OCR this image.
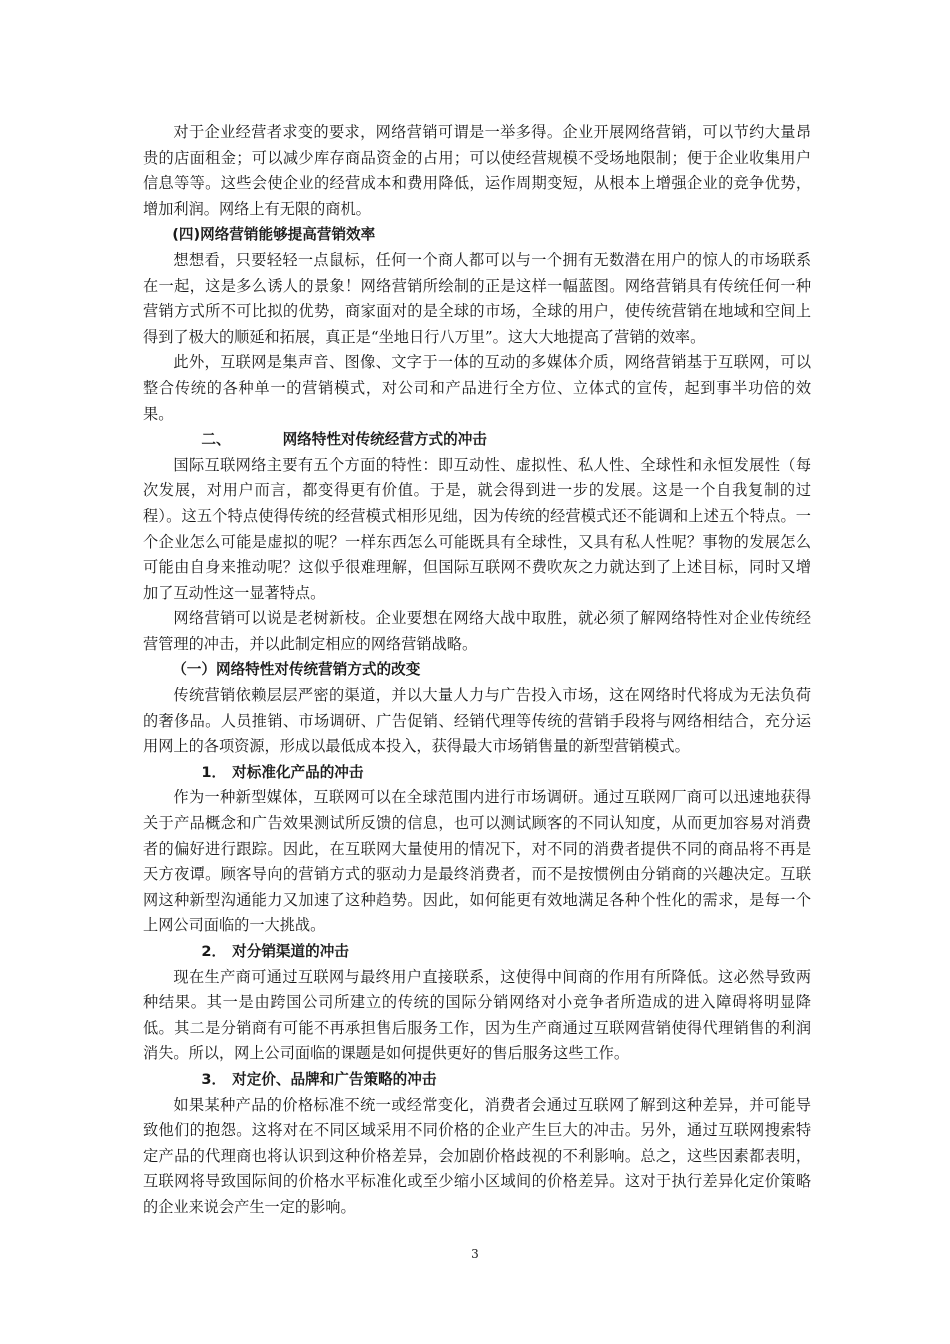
对于企业经营者求变的要求，网络营销可谓是一举多得。企业开展网络营销，可以节约大量昂贵的店面租金；可以减少库存商品资金的占用；可以使经营规模不受场地限制；便于企业收集用户信息等等。这些会使企业的经营成本和费用降低，运作周期变短，从根本上增强企业的竞争优势，增加利润。网络上有无限的商机。

(四)网络营销能够提高营销效率

想想看，只要轻轻一点鼠标，任何一个商人都可以与一个拥有无数潜在用户的惊人的市场联系在一起，这是多么诱人的景象！网络营销所绘制的正是这样一幅蓝图。网络营销具有传统任何一种营销方式所不可比拟的优势，商家面对的是全球的市场，全球的用户，使传统营销在地域和空间上得到了极大的顺延和拓展，真正是“坐地日行八万里”。这大大地提高了营销的效率。

此外，互联网是集声音、图像、文字于一体的互动的多媒体介质，网络营销基于互联网，可以整合传统的各种单一的营销模式，对公司和产品进行全方位、立体式的宣传，起到事半功倍的效果。

二、	网络特性对传统经营方式的冲击

国际互联网络主要有五个方面的特性：即互动性、虚拟性、私人性、全球性和永恒发展性（每次发展，对用户而言，都变得更有价值。于是，就会得到进一步的发展。这是一个自我复制的过程）。这五个特点使得传统的经营模式相形见绌，因为传统的经营模式还不能调和上述五个特点。一个企业怎么可能是虚拟的呢？一样东西怎么可能既具有全球性，又具有私人性呢？事物的发展怎么可能由自身来推动呢？这似乎很难理解，但国际互联网不费吹灰之力就达到了上述目标，同时又增加了互动性这一显著特点。

网络营销可以说是老树新枝。企业要想在网络大战中取胜，就必须了解网络特性对企业传统经营管理的冲击，并以此制定相应的网络营销战略。

（一）网络特性对传统营销方式的改变

传统营销依赖层层严密的渠道，并以大量人力与广告投入市场，这在网络时代将成为无法负荷的奢侈品。人员推销、市场调研、广告促销、经销代理等传统的营销手段将与网络相结合，充分运用网上的各项资源，形成以最低成本投入，获得最大市场销售量的新型营销模式。

1． 对标准化产品的冲击

作为一种新型媒体，互联网可以在全球范围内进行市场调研。通过互联网厂商可以迅速地获得关于产品概念和广告效果测试所反馈的信息，也可以测试顾客的不同认知度，从而更加容易对消费者的偏好进行跟踪。因此，在互联网大量使用的情况下，对不同的消费者提供不同的商品将不再是天方夜谭。顾客导向的营销方式的驱动力是最终消费者，而不是按惯例由分销商的兴趣决定。互联网这种新型沟通能力又加速了这种趋势。因此，如何能更有效地满足各种个性化的需求，是每一个上网公司面临的一大挑战。

2． 对分销渠道的冲击

现在生产商可通过互联网与最终用户直接联系，这使得中间商的作用有所降低。这必然导致两种结果。其一是由跨国公司所建立的传统的国际分销网络对小竞争者所造成的进入障碍将明显降低。其二是分销商有可能不再承担售后服务工作，因为生产商通过互联网营销使得代理销售的利润消失。所以，网上公司面临的课题是如何提供更好的售后服务这些工作。

3． 对定价、品牌和广告策略的冲击

如果某种产品的价格标准不统一或经常变化，消费者会通过互联网了解到这种差异，并可能导致他们的抱怨。这将对在不同区域采用不同价格的企业产生巨大的冲击。另外，通过互联网搜索特定产品的代理商也将认识到这种价格差异，会加剧价格歧视的不利影响。总之，这些因素都表明，互联网将导致国际间的价格水平标准化或至少缩小区域间的价格差异。这对于执行差异化定价策略的企业来说会产生一定的影响。

3
